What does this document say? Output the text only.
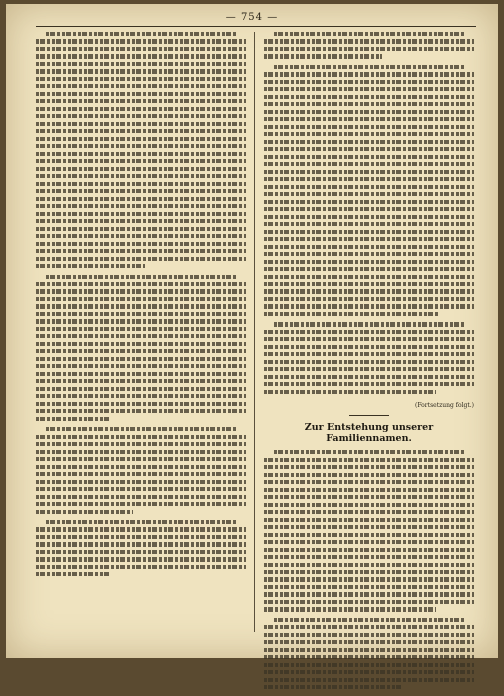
— 754 —
(Fortsetzung folgt.)
Zur Entstehung unserer Familiennamen.
